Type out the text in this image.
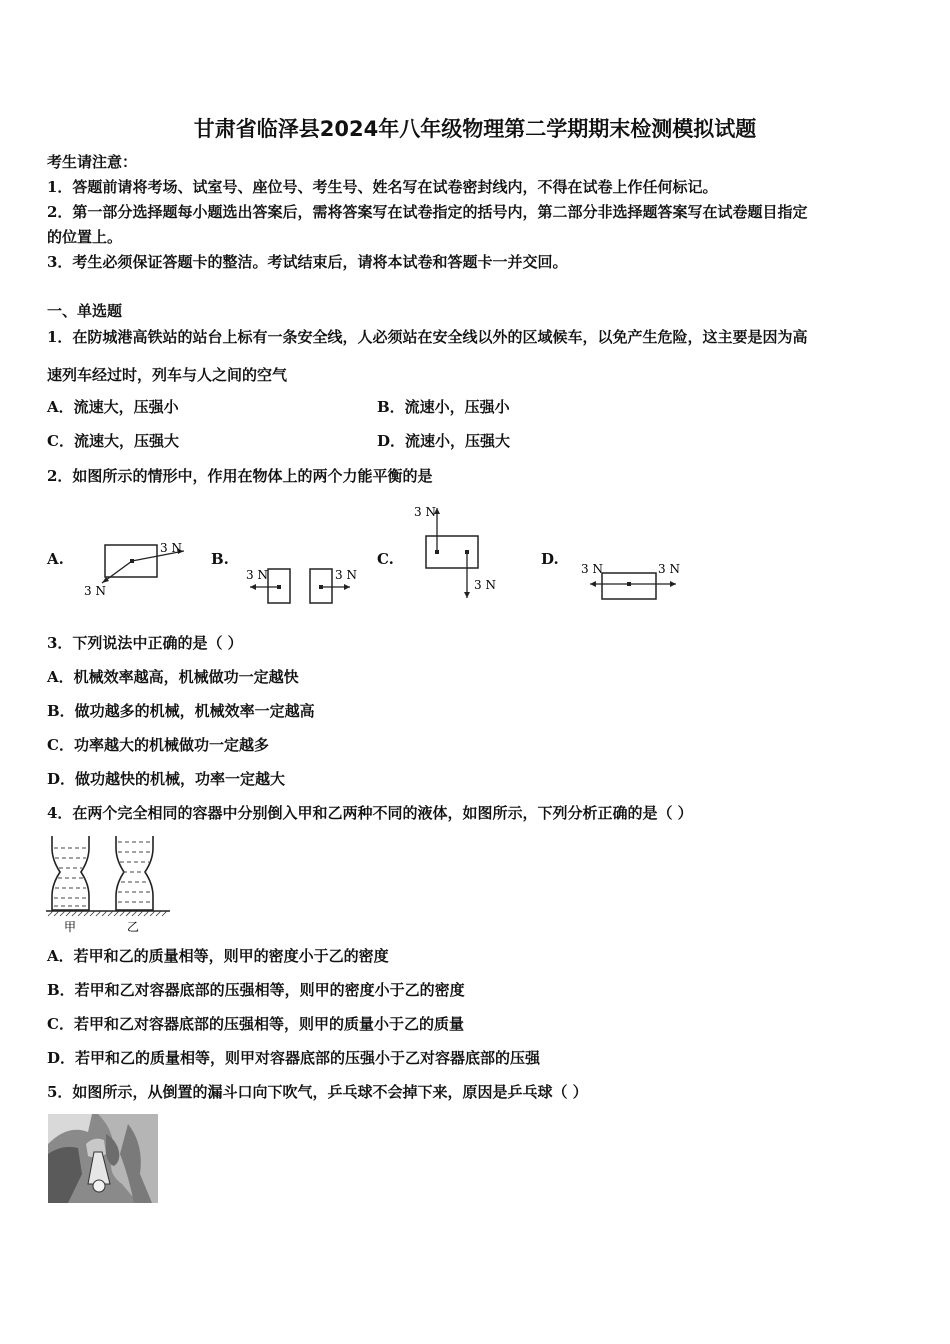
甘肃省临泽县2024年八年级物理第二学期期末检测模拟试题
考生请注意：
1．答题前请将考场、试室号、座位号、考生号、姓名写在试卷密封线内，不得在试卷上作任何标记。
2．第一部分选择题每小题选出答案后，需将答案写在试卷指定的括号内，第二部分非选择题答案写在试卷题目指定
的位置上。
3．考生必须保证答题卡的整洁。考试结束后，请将本试卷和答题卡一并交回。
一、单选题
1．在防城港高铁站的站台上标有一条安全线，人必须站在安全线以外的区域候车，以免产生危险，这主要是因为高
速列车经过时，列车与人之间的空气
A．流速大，压强小	B．流速小，压强小
C．流速大，压强大	D．流速小，压强大
2．如图所示的情形中，作用在物体上的两个力能平衡的是
A.	B.	C.	D.
3 N
3 N
3 N	3 N
3 N
3 N
3 N	3 N
3．下列说法中正确的是（ ）
A．机械效率越高，机械做功一定越快
B．做功越多的机械，机械效率一定越高
C．功率越大的机械做功一定越多
D．做功越快的机械，功率一定越大
4．在两个完全相同的容器中分别倒入甲和乙两种不同的液体，如图所示，下列分析正确的是（ ）
甲	乙
A．若甲和乙的质量相等，则甲的密度小于乙的密度
B．若甲和乙对容器底部的压强相等，则甲的密度小于乙的密度
C．若甲和乙对容器底部的压强相等，则甲的质量小于乙的质量
D．若甲和乙的质量相等，则甲对容器底部的压强小于乙对容器底部的压强
5．如图所示，从倒置的漏斗口向下吹气，乒乓球不会掉下来，原因是乒乓球（ ）
